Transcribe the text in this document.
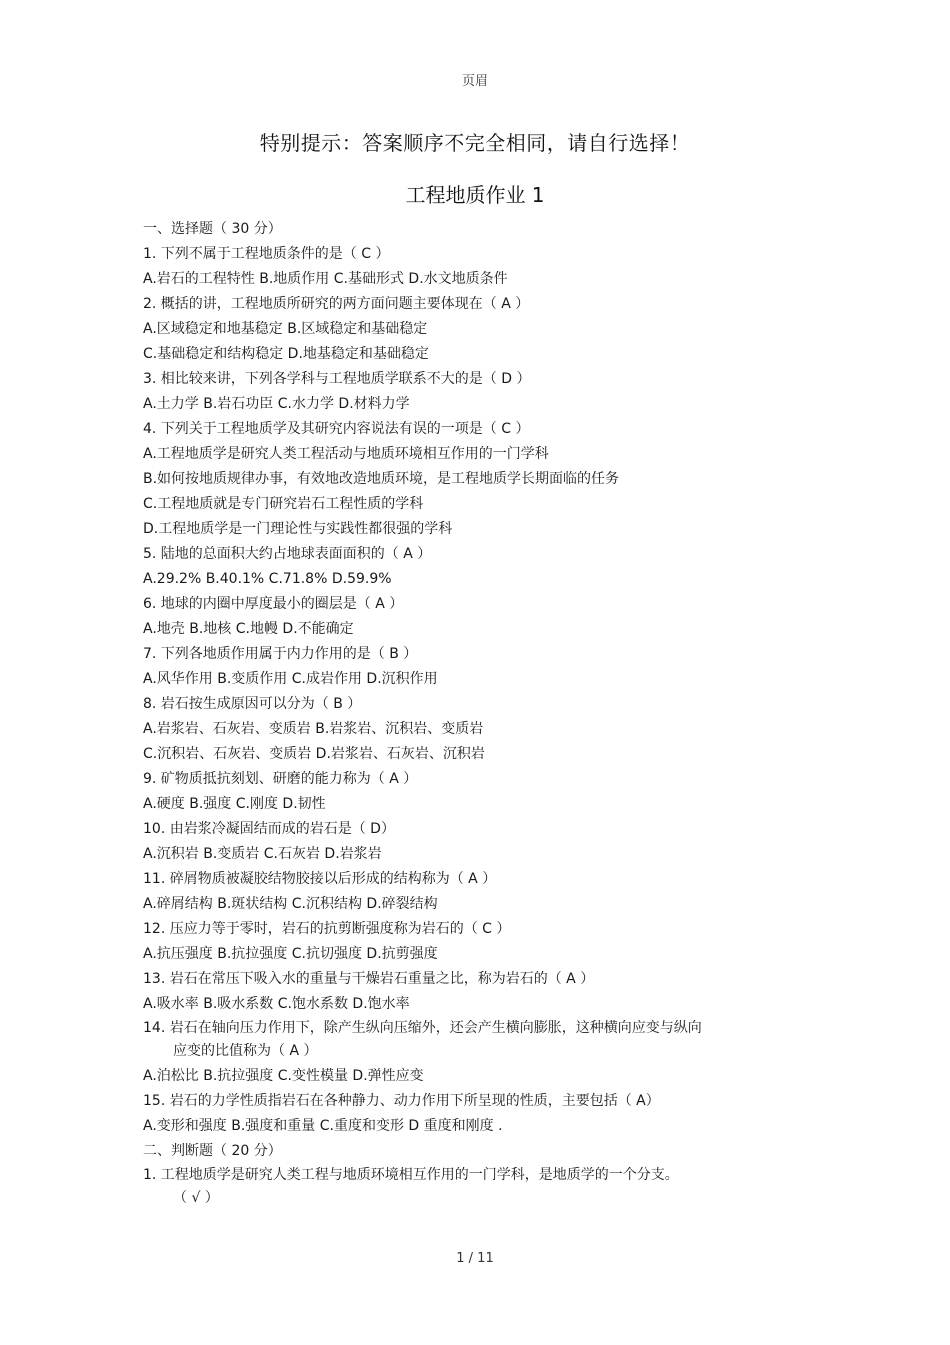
页眉
特别提示：答案顺序不完全相同，请自行选择！
工程地质作业 1
一、选择题（ 30 分）
1. 下列不属于工程地质条件的是（ C ）
A.岩石的工程特性 B.地质作用 C.基础形式 D.水文地质条件
2. 概括的讲，工程地质所研究的两方面问题主要体现在（ A ）
A.区域稳定和地基稳定 B.区域稳定和基础稳定
C.基础稳定和结构稳定 D.地基稳定和基础稳定
3. 相比较来讲，下列各学科与工程地质学联系不大的是（ D ）
A.土力学 B.岩石功臣 C.水力学 D.材料力学
4. 下列关于工程地质学及其研究内容说法有误的一项是（ C ）
A.工程地质学是研究人类工程活动与地质环境相互作用的一门学科
B.如何按地质规律办事，有效地改造地质环境，是工程地质学长期面临的任务
C.工程地质就是专门研究岩石工程性质的学科
D.工程地质学是一门理论性与实践性都很强的学科
5. 陆地的总面积大约占地球表面面积的（ A ）
A.29.2% B.40.1% C.71.8% D.59.9%
6. 地球的内圈中厚度最小的圈层是（ A ）
A.地壳 B.地核 C.地幔 D.不能确定
7. 下列各地质作用属于内力作用的是（ B ）
A.风华作用 B.变质作用 C.成岩作用 D.沉积作用
8. 岩石按生成原因可以分为（ B ）
A.岩浆岩、石灰岩、变质岩 B.岩浆岩、沉积岩、变质岩
C.沉积岩、石灰岩、变质岩 D.岩浆岩、石灰岩、沉积岩
9. 矿物质抵抗刻划、研磨的能力称为（ A ）
A.硬度 B.强度 C.刚度 D.韧性
10. 由岩浆冷凝固结而成的岩石是（ D）
A.沉积岩 B.变质岩 C.石灰岩 D.岩浆岩
11. 碎屑物质被凝胶结物胶接以后形成的结构称为（ A ）
A.碎屑结构 B.斑状结构 C.沉积结构 D.碎裂结构
12. 压应力等于零时，岩石的抗剪断强度称为岩石的（ C ）
A.抗压强度 B.抗拉强度 C.抗切强度 D.抗剪强度
13. 岩石在常压下吸入水的重量与干燥岩石重量之比，称为岩石的（ A ）
A.吸水率 B.吸水系数 C.饱水系数 D.饱水率
14. 岩石在轴向压力作用下，除产生纵向压缩外，还会产生横向膨胀，这种横向应变与纵向
应变的比值称为（ A ）
A.泊松比 B.抗拉强度 C.变性模量 D.弹性应变
15. 岩石的力学性质指岩石在各种静力、动力作用下所呈现的性质，主要包括（ A）
A.变形和强度 B.强度和重量 C.重度和变形 D 重度和刚度 .
二、判断题（ 20 分）
1. 工程地质学是研究人类工程与地质环境相互作用的一门学科，是地质学的一个分支。
（ √ ）
1 / 11
